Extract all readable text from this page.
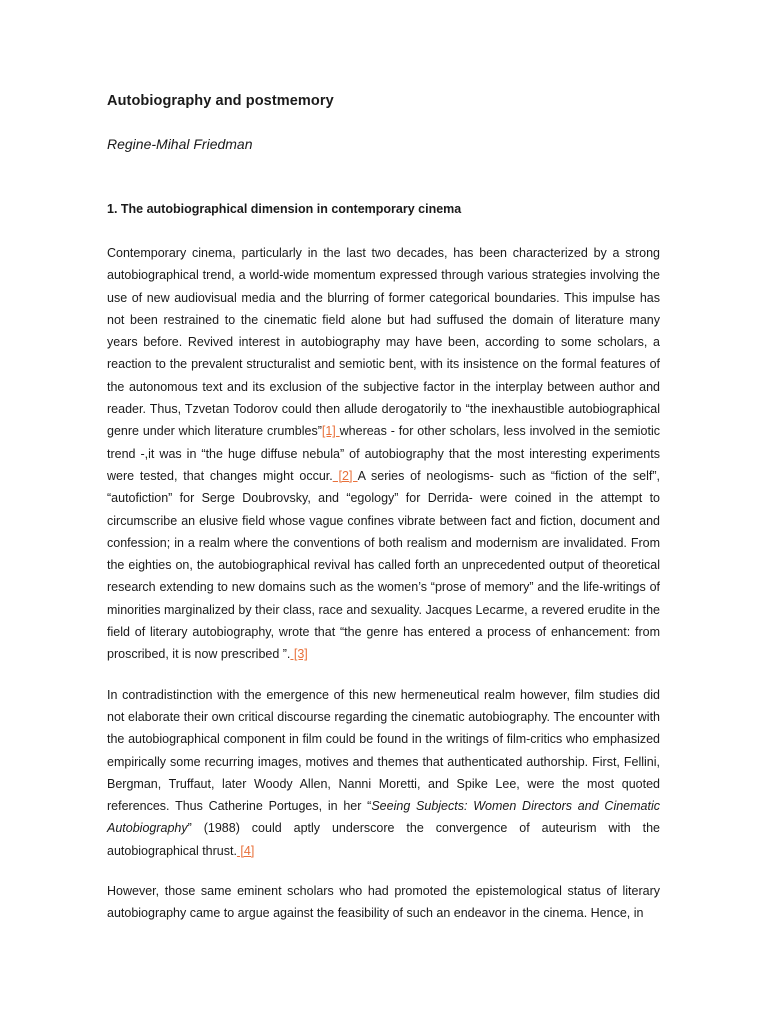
Autobiography and postmemory

Regine-Mihal Friedman

1. The autobiographical dimension in contemporary cinema

Contemporary cinema, particularly in the last two decades, has been characterized by a strong autobiographical trend, a world-wide momentum expressed through various strategies involving the use of new audiovisual media and the blurring of former categorical boundaries. This impulse has not been restrained to the cinematic field alone but had suffused the domain of literature many years before. Revived interest in autobiography may have been, according to some scholars, a reaction to the prevalent structuralist and semiotic bent, with its insistence on the formal features of the autonomous text and its exclusion of the subjective factor in the interplay between author and reader. Thus, Tzvetan Todorov could then allude derogatorily to “the inexhaustible autobiographical genre under which literature crumbles”[1] whereas - for other scholars, less involved in the semiotic trend -,it was in “the huge diffuse nebula” of autobiography that the most interesting experiments were tested, that changes might occur. [2] A series of neologisms- such as “fiction of the self”, “autofiction” for Serge Doubrovsky, and “egology” for Derrida- were coined in the attempt to circumscribe an elusive field whose vague confines vibrate between fact and fiction, document and confession; in a realm where the conventions of both realism and modernism are invalidated. From the eighties on, the autobiographical revival has called forth an unprecedented output of theoretical research extending to new domains such as the women’s “prose of memory” and the life-writings of minorities marginalized by their class, race and sexuality. Jacques Lecarme, a revered erudite in the field of literary autobiography, wrote that “the genre has entered a process of enhancement: from proscribed, it is now prescribed ”. [3]

In contradistinction with the emergence of this new hermeneutical realm however, film studies did not elaborate their own critical discourse regarding the cinematic autobiography. The encounter with the autobiographical component in film could be found in the writings of film-critics who emphasized empirically some recurring images, motives and themes that authenticated authorship. First, Fellini, Bergman, Truffaut, later Woody Allen, Nanni Moretti, and Spike Lee, were the most quoted references. Thus Catherine Portuges, in her “Seeing Subjects: Women Directors and Cinematic Autobiography” (1988) could aptly underscore the convergence of auteurism with the autobiographical thrust. [4]

However, those same eminent scholars who had promoted the epistemological status of literary autobiography came to argue against the feasibility of such an endeavor in the cinema. Hence, in
